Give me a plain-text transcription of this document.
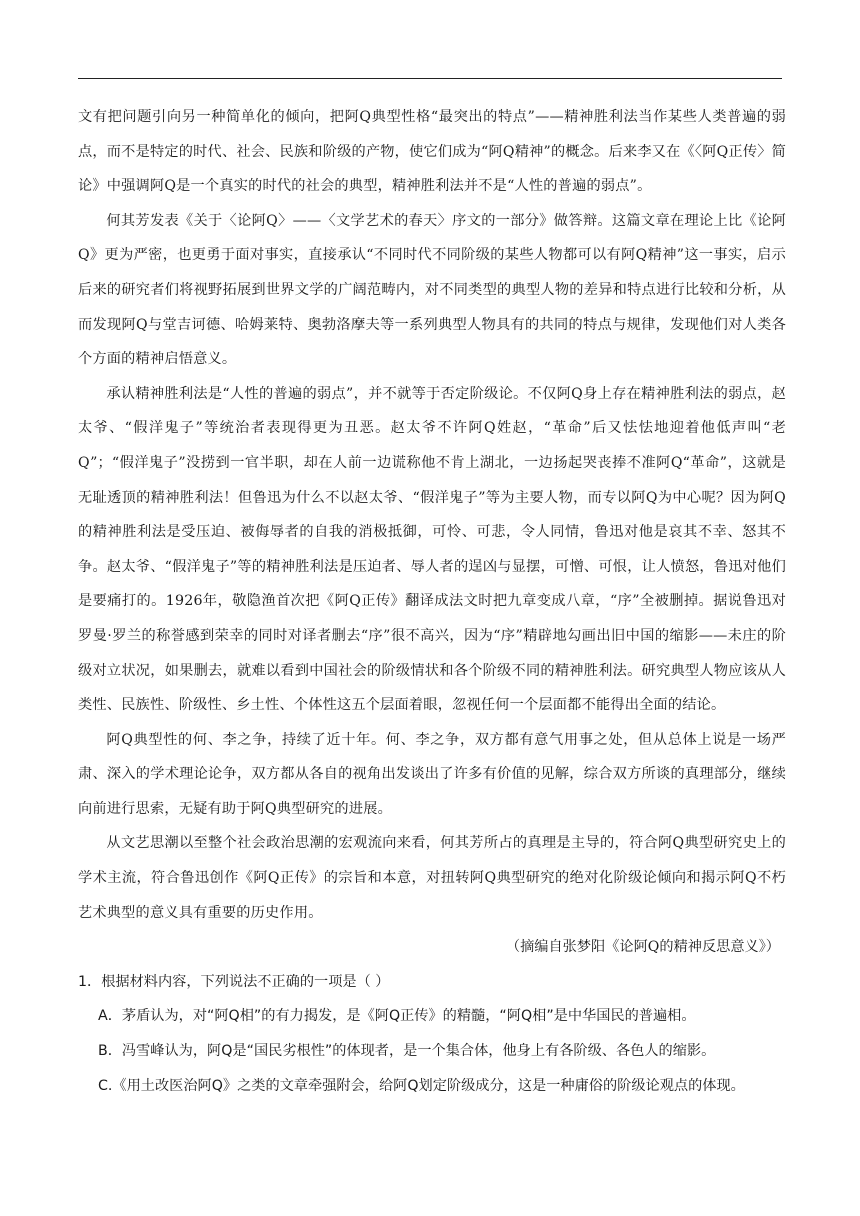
文有把问题引向另一种简单化的倾向，把阿Q典型性格“最突出的特点”——精神胜利法当作某些人类普遍的弱点，而不是特定的时代、社会、民族和阶级的产物，使它们成为“阿Q精神”的概念。后来李又在《〈阿Q正传〉简论》中强调阿Q是一个真实的时代的社会的典型，精神胜利法并不是“人性的普遍的弱点”。

何其芳发表《关于〈论阿Q〉——〈文学艺术的春天〉序文的一部分》做答辩。这篇文章在理论上比《论阿Q》更为严密，也更勇于面对事实，直接承认“不同时代不同阶级的某些人物都可以有阿Q精神”这一事实，启示后来的研究者们将视野拓展到世界文学的广阔范畴内，对不同类型的典型人物的差异和特点进行比较和分析，从而发现阿Q与堂吉诃德、哈姆莱特、奥勃洛摩夫等一系列典型人物具有的共同的特点与规律，发现他们对人类各个方面的精神启悟意义。

承认精神胜利法是“人性的普遍的弱点”，并不就等于否定阶级论。不仅阿Q身上存在精神胜利法的弱点，赵太爷、“假洋鬼子”等统治者表现得更为丑恶。赵太爷不许阿Q姓赵，“革命”后又怯怯地迎着他低声叫“老Q”；“假洋鬼子”没捞到一官半职，却在人前一边谎称他不肯上湖北，一边扬起哭丧捧不准阿Q“革命”，这就是无耻透顶的精神胜利法！但鲁迅为什么不以赵太爷、“假洋鬼子”等为主要人物，而专以阿Q为中心呢？因为阿Q的精神胜利法是受压迫、被侮辱者的自我的消极抵御，可怜、可悲，令人同情，鲁迅对他是哀其不幸、怒其不争。赵太爷、“假洋鬼子”等的精神胜利法是压迫者、辱人者的逞凶与显摆，可憎、可恨，让人愤怒，鲁迅对他们是要痛打的。1926年，敬隐渔首次把《阿Q正传》翻译成法文时把九章变成八章，“序”全被删掉。据说鲁迅对罗曼·罗兰的称誉感到荣幸的同时对译者删去“序”很不高兴，因为“序”精辟地勾画出旧中国的缩影——未庄的阶级对立状况，如果删去，就难以看到中国社会的阶级情状和各个阶级不同的精神胜利法。研究典型人物应该从人类性、民族性、阶级性、乡土性、个体性这五个层面着眼，忽视任何一个层面都不能得出全面的结论。

阿Q典型性的何、李之争，持续了近十年。何、李之争，双方都有意气用事之处，但从总体上说是一场严肃、深入的学术理论论争，双方都从各自的视角出发谈出了许多有价值的见解，综合双方所谈的真理部分，继续向前进行思索，无疑有助于阿Q典型研究的进展。

从文艺思潮以至整个社会政治思潮的宏观流向来看，何其芳所占的真理是主导的，符合阿Q典型研究史上的学术主流，符合鲁迅创作《阿Q正传》的宗旨和本意，对扭转阿Q典型研究的绝对化阶级论倾向和揭示阿Q不朽艺术典型的意义具有重要的历史作用。

（摘编自张梦阳《论阿Q的精神反思意义》）

1．根据材料内容，下列说法不正确的一项是（ ）

A．茅盾认为，对“阿Q相”的有力揭发，是《阿Q正传》的精髓，“阿Q相”是中华国民的普遍相。

B．冯雪峰认为，阿Q是“国民劣根性”的体现者，是一个集合体，他身上有各阶级、各色人的缩影。

C.《用土改医治阿Q》之类的文章牵强附会，给阿Q划定阶级成分，这是一种庸俗的阶级论观点的体现。
